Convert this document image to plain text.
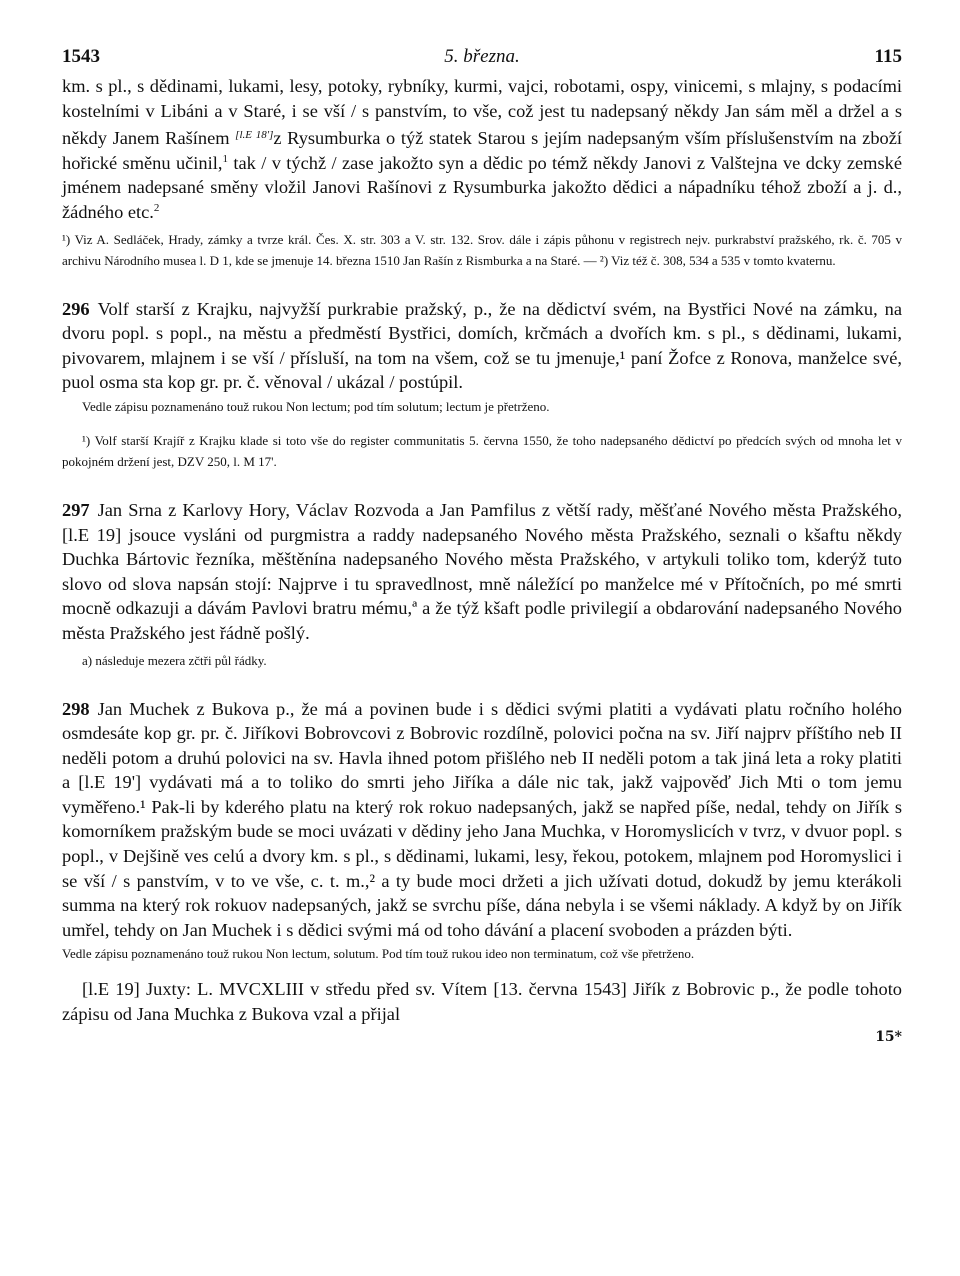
1543	5. března.	115

km. s pl., s dědinami, lukami, lesy, potoky, rybníky, kurmi, vajci, robotami, ospy, vinicemi, s mlajny, s podacími kostelními v Libáni a v Staré, i se vší / s panstvím, to vše, což jest tu nadepsaný někdy Jan sám měl a držel a s někdy Janem Rašínem [l.E 18']z Rysumburka o týž statek Starou s jejím nadepsaným vším příslušenstvím na zboží hořické směnu učinil,$^1$ tak / v týchž / zase jakožto syn a dědic po témž někdy Janovi z Valštejna ve dcky zemské jménem nadepsané směny vložil Janovi Rašínovi z Rysumburka jakožto dědici a nápadníku téhož zboží a j. d., žádného etc.$^2$

¹) Viz A. Sedláček, Hrady, zámky a tvrze král. Čes. X. str. 303 a V. str. 132. Srov. dále i zápis půhonu v registrech nejv. purkrabství pražského, rk. č. 705 v archivu Národního musea l. D 1, kde se jmenuje 14. března 1510 Jan Rašín z Rismburka a na Staré. — ²) Viz též č. 308, 534 a 535 v tomto kvaternu.

296 Volf starší z Krajku, najvyžší purkrabie pražský, p., že na dědictví svém, na Bystřici Nové na zámku, na dvoru popl. s popl., na městu a předměstí Bystřici, domích, krčmách a dvořích km. s pl., s dědinami, lukami, pivovarem, mlajnem i se vší / přísluší, na tom na všem, což se tu jmenuje,¹ paní Žofce z Ronova, manželce své, puol osma sta kop gr. pr. č. věnoval / ukázal / postúpil.

Vedle zápisu poznamenáno touž rukou Non lectum; pod tím solutum; lectum je přetrženo.

¹) Volf starší Krajíř z Krajku klade si toto vše do register communitatis 5. června 1550, že toho nadepsaného dědictví po předcích svých od mnoha let v pokojném držení jest, DZV 250, l. M 17'.

297 Jan Srna z Karlovy Hory, Václav Rozvoda a Jan Pamfilus z větší rady, měšťané Nového města Pražského, [l.E 19] jsouce vysláni od purgmistra a raddy nadepsaného Nového města Pražského, seznali o kšaftu někdy Duchka Bártovic řezníka, měštěnína nadepsaného Nového města Pražského, v artykuli toliko tom, kderýž tuto slovo od slova napsán stojí: Najprve i tu spravedlnost, mně náležící po manželce mé v Přítočních, po mé smrti mocně odkazuji a dávám Pavlovi bratru mému,ª a že týž kšaft podle privilegií a obdarování nadepsaného Nového města Pražského jest řádně pošlý.

a) následuje mezera zčtři půl řádky.

298 Jan Muchek z Bukova p., že má a povinen bude i s dědici svými platiti a vydávati platu ročního holého osmdesáte kop gr. pr. č. Jiříkovi Bobrovcovi z Bobrovic rozdílně, polovici počna na sv. Jiří najprv příštího neb II neděli potom a druhú polovici na sv. Havla ihned potom přišlého neb II neděli potom a tak jiná leta a roky platiti a [l.E 19'] vydávati má a to toliko do smrti jeho Jiříka a dále nic tak, jakž vajpověď Jich Mti o tom jemu vyměřeno.¹ Pak-li by kderého platu na který rok rokuo nadepsaných, jakž se napřed píše, nedal, tehdy on Jiřík s komorníkem pražským bude se moci uvázati v dědiny jeho Jana Muchka, v Horomyslicích v tvrz, v dvuor popl. s popl., v Dejšině ves celú a dvory km. s pl., s dědinami, lukami, lesy, řekou, potokem, mlajnem pod Horomyslici i se vší / s panstvím, v to ve vše, c. t. m.,² a ty bude moci držeti a jich užívati dotud, dokudž by jemu kterákoli summa na který rok rokuov nadepsaných, jakž se svrchu píše, dána nebyla i se všemi náklady. A když by on Jiřík umřel, tehdy on Jan Muchek i s dědici svými má od toho dávání a placení svoboden a prázden býti.

Vedle zápisu poznamenáno touž rukou Non lectum, solutum. Pod tím touž rukou ideo non terminatum, což vše přetrženo.

[l.E 19] Juxty: L. MVCXLIII v středu před sv. Vítem [13. června 1543] Jiřík z Bobrovic p., že podle tohoto zápisu od Jana Muchka z Bukova vzal a přijal

15*
